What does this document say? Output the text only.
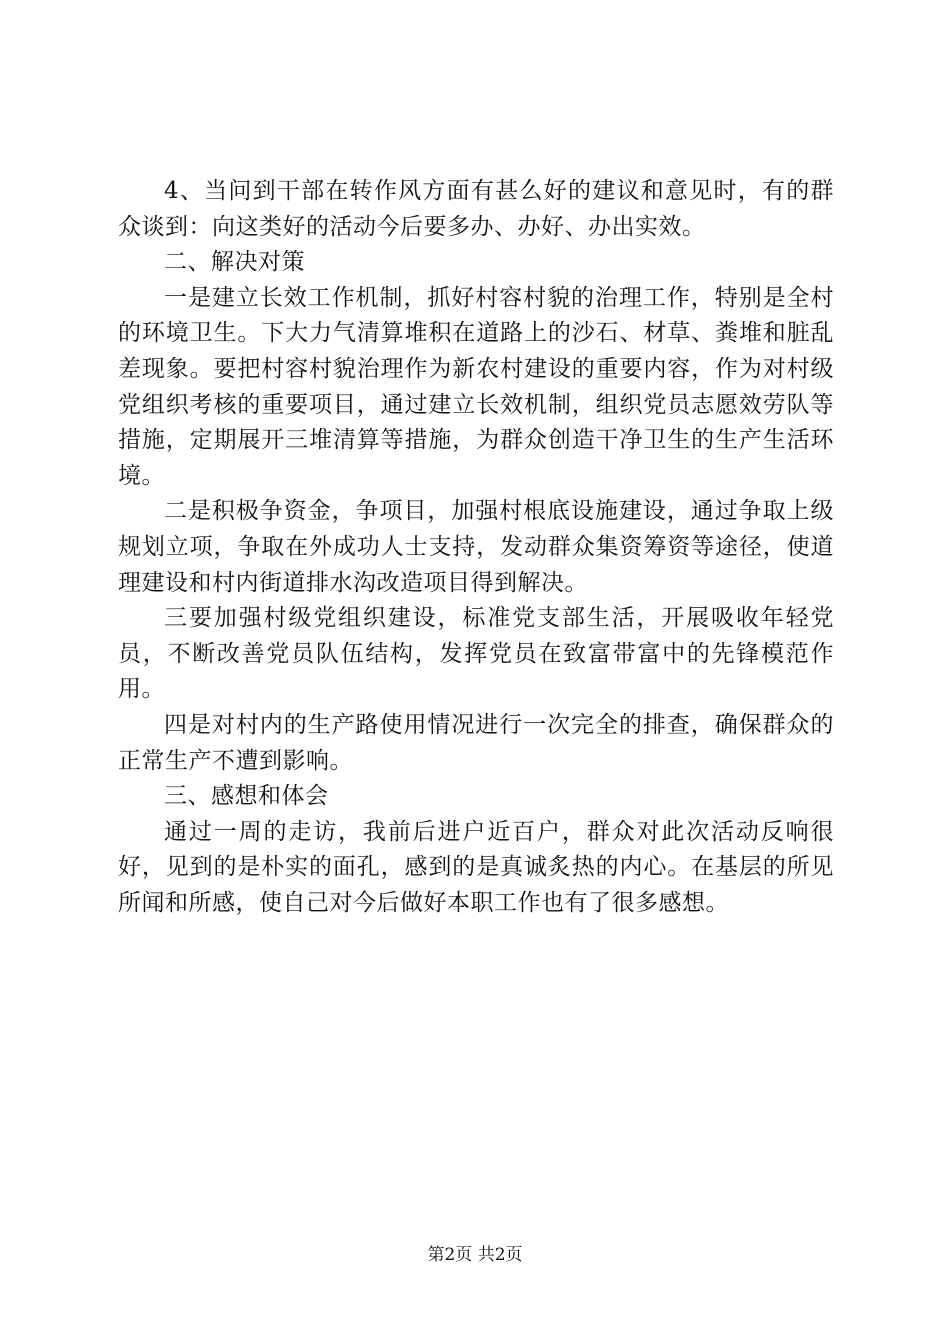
4、当问到干部在转作风方面有甚么好的建议和意见时，有的群众谈到：向这类好的活动今后要多办、办好、办出实效。

二、解决对策

一是建立长效工作机制，抓好村容村貌的治理工作，特别是全村的环境卫生。下大力气清算堆积在道路上的沙石、材草、粪堆和脏乱差现象。要把村容村貌治理作为新农村建设的重要内容，作为对村级党组织考核的重要项目，通过建立长效机制，组织党员志愿效劳队等措施，定期展开三堆清算等措施，为群众创造干净卫生的生产生活环境。

二是积极争资金，争项目，加强村根底设施建设，通过争取上级规划立项，争取在外成功人士支持，发动群众集资筹资等途径，使道理建设和村内街道排水沟改造项目得到解决。

三要加强村级党组织建设，标准党支部生活，开展吸收年轻党员，不断改善党员队伍结构，发挥党员在致富带富中的先锋模范作用。

四是对村内的生产路使用情况进行一次完全的排查，确保群众的正常生产不遭到影响。

三、感想和体会

通过一周的走访，我前后进户近百户，群众对此次活动反响很好，见到的是朴实的面孔，感到的是真诚炙热的内心。在基层的所见所闻和所感，使自己对今后做好本职工作也有了很多感想。

第2页 共2页
